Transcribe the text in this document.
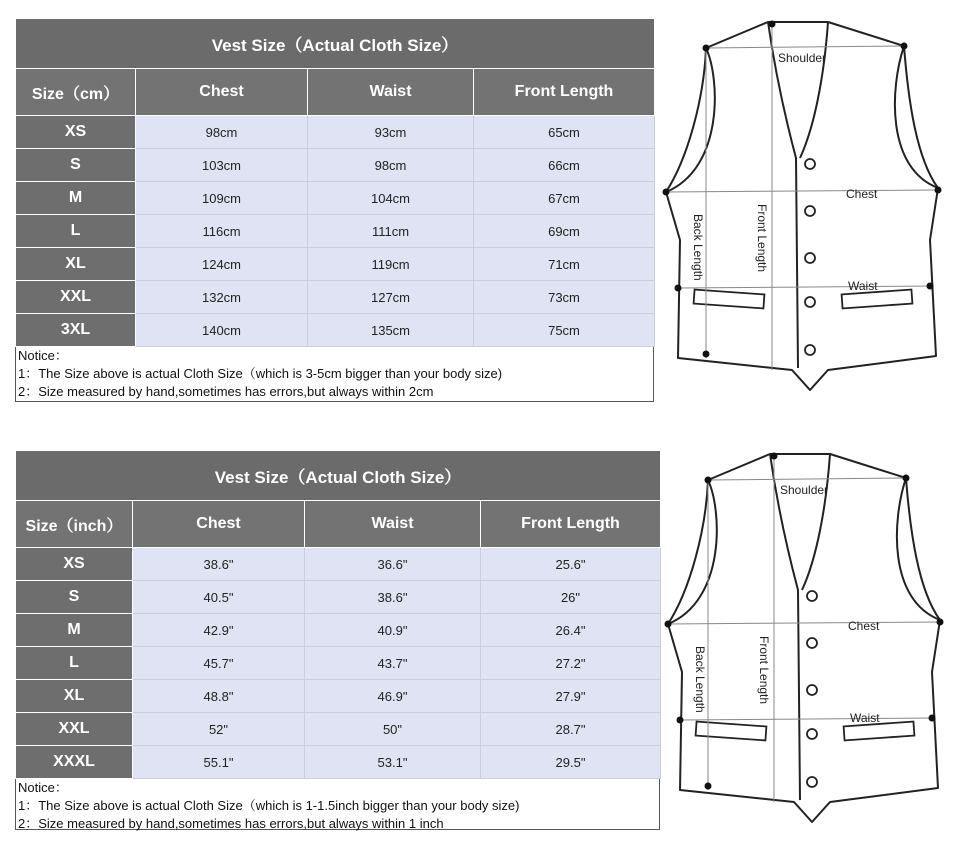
Vest Size（Actual Cloth Size）			
Size（cm）	Chest	Waist	Front Length
XS	98cm	93cm	65cm
S	103cm	98cm	66cm
M	109cm	104cm	67cm
L	116cm	111cm	69cm
XL	124cm	119cm	71cm
XXL	132cm	127cm	73cm
3XL	140cm	135cm	75cm
Notice：
1：The Size above is actual Cloth Size（which is 3-5cm bigger than your body size)
2：Size measured by hand,sometimes has errors,but always within 2cm
Vest Size（Actual Cloth Size）			
Size（inch）	Chest	Waist	Front Length
XS	38.6"	36.6"	25.6"
S	40.5"	38.6"	26"
M	42.9"	40.9"	26.4"
L	45.7"	43.7"	27.2"
XL	48.8"	46.9"	27.9"
XXL	52"	50"	28.7"
XXXL	55.1"	53.1"	29.5"
Notice：
1：The Size above is actual Cloth Size（which is 1-1.5inch bigger than your body size)
2：Size measured by hand,sometimes has errors,but always within 1 inch
Shoulder
Chest
Waist
Back Length	Front Length
Shoulder
Chest
Waist
Back Length	Front Length
